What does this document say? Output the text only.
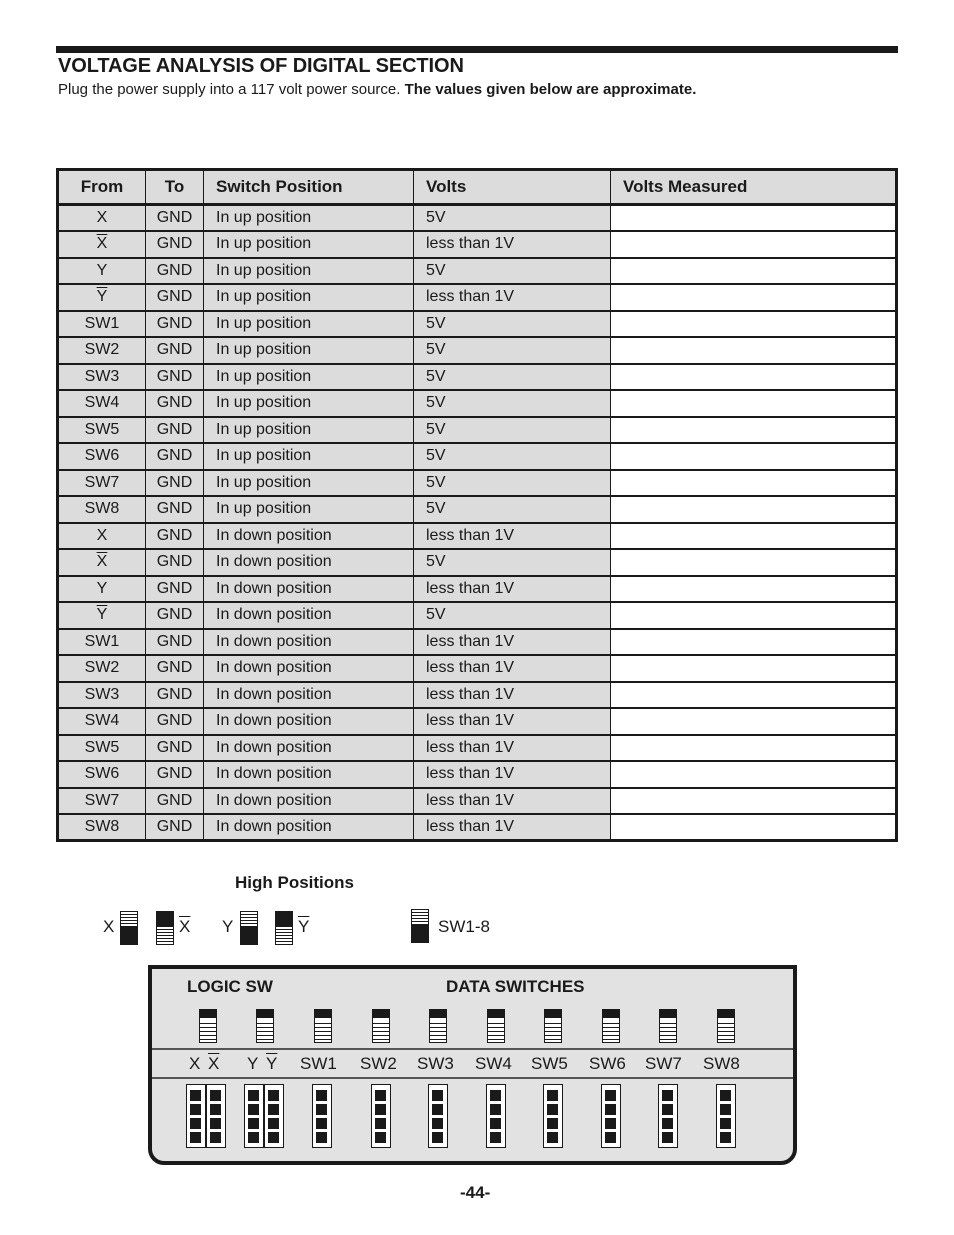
VOLTAGE ANALYSIS OF DIGITAL SECTION
Plug the power supply into a 117 volt power source. The values given below are approximate.
From	To	Switch Position	Volts	Volts Measured
X	GND	In up position	5V	
$\overline{X}$	GND	In up position	less than 1V	
Y	GND	In up position	5V	
$\overline{Y}$	GND	In up position	less than 1V	
SW1	GND	In up position	5V	
SW2	GND	In up position	5V	
SW3	GND	In up position	5V	
SW4	GND	In up position	5V	
SW5	GND	In up position	5V	
SW6	GND	In up position	5V	
SW7	GND	In up position	5V	
SW8	GND	In up position	5V	
X	GND	In down position	less than 1V	
$\overline{X}$	GND	In down position	5V	
Y	GND	In down position	less than 1V	
$\overline{Y}$	GND	In down position	5V	
SW1	GND	In down position	less than 1V	
SW2	GND	In down position	less than 1V	
SW3	GND	In down position	less than 1V	
SW4	GND	In down position	less than 1V	
SW5	GND	In down position	less than 1V	
SW6	GND	In down position	less than 1V	
SW7	GND	In down position	less than 1V	
SW8	GND	In down position	less than 1V	
High Positions
X	$\overline{X}$ Y	$\overline{Y}$	SW1-8
LOGIC SW	DATA SWITCHES
X $\overline{X}$ Y $\overline{Y}$ SW1 SW2 SW3 SW4 SW5 SW6 SW7 SW8
-44-
